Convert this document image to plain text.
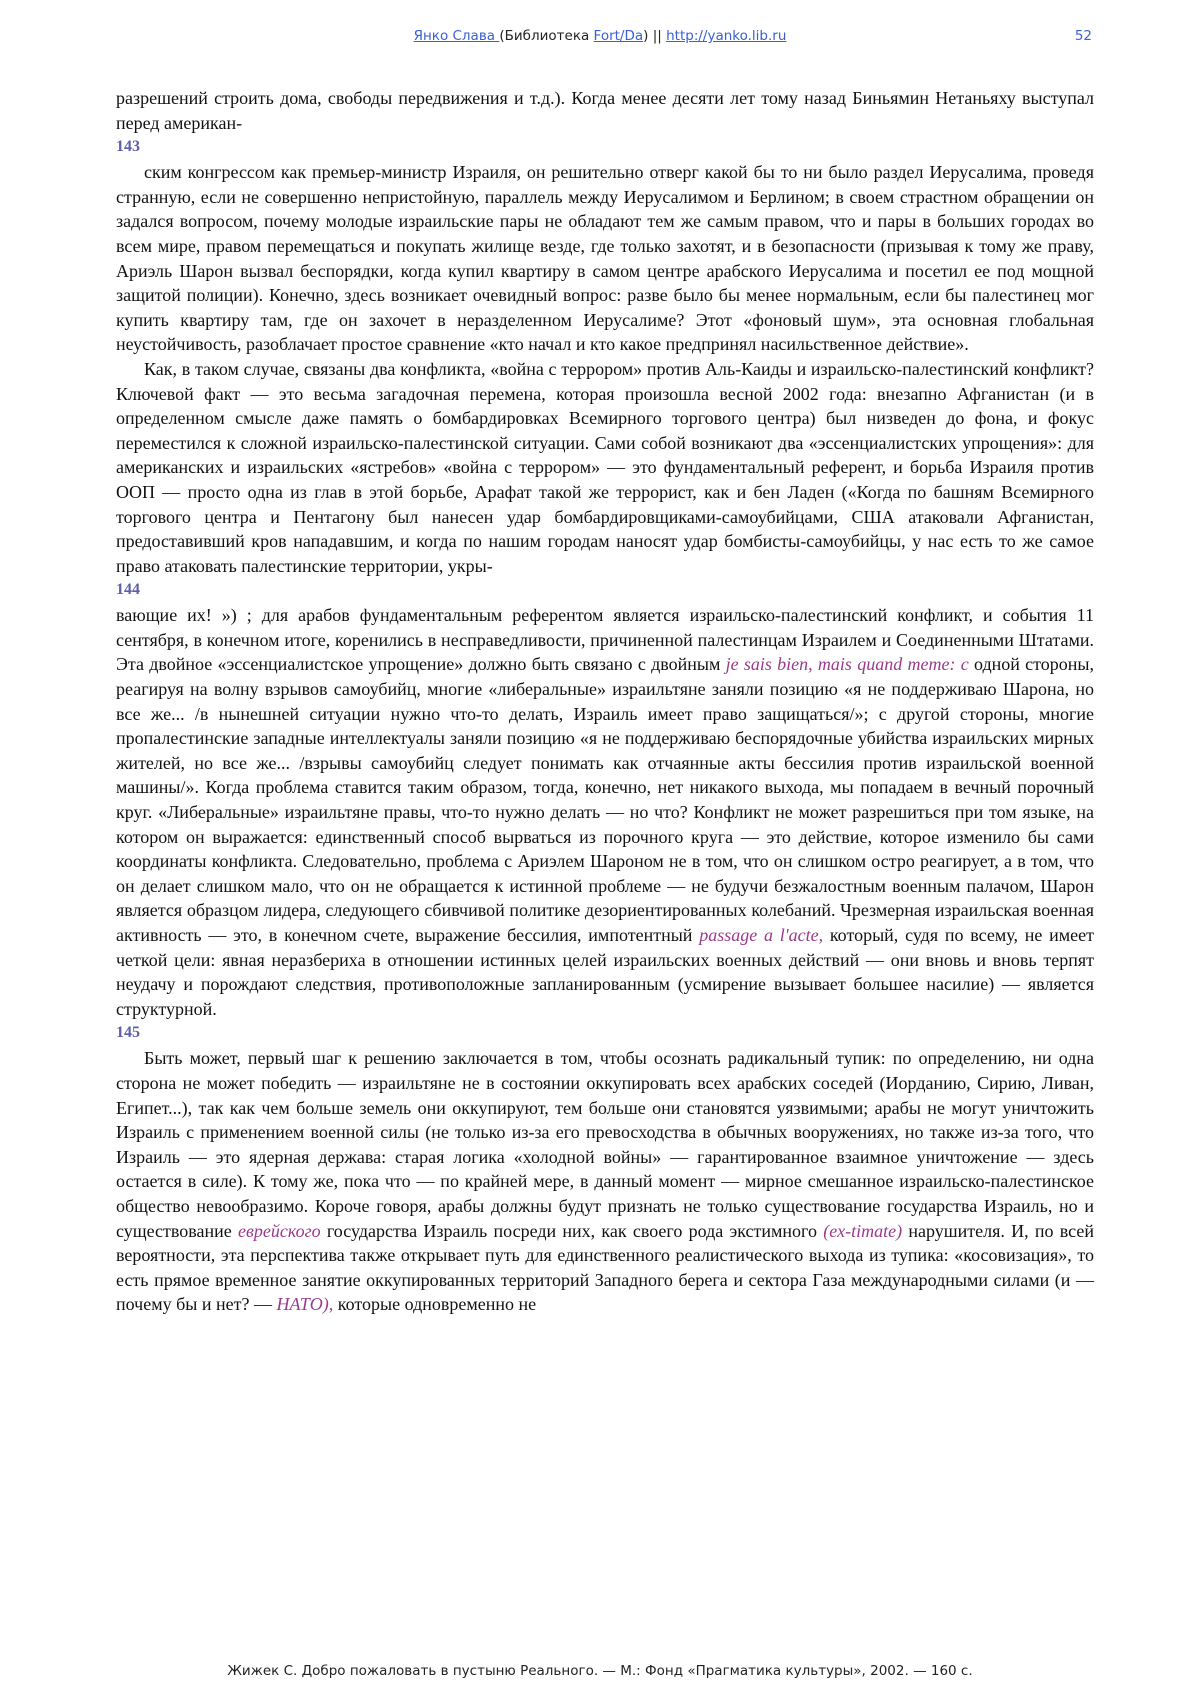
Янко Слава (Библиотека Fort/Da) || http://yanko.lib.ru	52

разрешений строить дома, свободы передвижения и т.д.). Когда менее десяти лет тому назад Биньямин Нетаньяху выступал перед американ-

143

ским конгрессом как премьер-министр Израиля, он решительно отверг какой бы то ни было раздел Иерусалима, проведя странную, если не совершенно непристойную, параллель между Иерусалимом и Берлином; в своем страстном обращении он задался вопросом, почему молодые израильские пары не обладают тем же самым правом, что и пары в больших городах во всем мире, правом перемещаться и покупать жилище везде, где только захотят, и в безопасности (призывая к тому же праву, Ариэль Шарон вызвал беспорядки, когда купил квартиру в самом центре арабского Иерусалима и посетил ее под мощной защитой полиции). Конечно, здесь возникает очевидный вопрос: разве было бы менее нормальным, если бы палестинец мог купить квартиру там, где он захочет в неразделенном Иерусалиме? Этот «фоновый шум», эта основная глобальная неустойчивость, разоблачает простое сравнение «кто начал и кто какое предпринял насильственное действие».

Как, в таком случае, связаны два конфликта, «война с террором» против Аль-Каиды и израильско-палестинский конфликт? Ключевой факт — это весьма загадочная перемена, которая произошла весной 2002 года: внезапно Афганистан (и в определенном смысле даже память о бомбардировках Всемирного торгового центра) был низведен до фона, и фокус переместился к сложной израильско-палестинской ситуации. Сами собой возникают два «эссенциалистских упрощения»: для американских и израильских «ястребов» «война с террором» — это фундаментальный референт, и борьба Израиля против ООП — просто одна из глав в этой борьбе, Арафат такой же террорист, как и бен Ладен («Когда по башням Всемирного торгового центра и Пентагону был нанесен удар бомбардировщиками-самоубийцами, США атаковали Афганистан, предоставивший кров нападавшим, и когда по нашим городам наносят удар бомбисты-самоубийцы, у нас есть то же самое право атаковать палестинские территории, укры-

144

вающие их! ») ; для арабов фундаментальным референтом является израильско-палестинский конфликт, и события 11 сентября, в конечном итоге, коренились в несправедливости, причиненной палестинцам Израилем и Соединенными Штатами. Эта двойное «эссенциалистское упрощение» должно быть связано с двойным je sais bien, mais quand meme: с одной стороны, реагируя на волну взрывов самоубийц, многие «либеральные» израильтяне заняли позицию «я не поддерживаю Шарона, но все же... /в нынешней ситуации нужно что-то делать, Израиль имеет право защищаться/»; с другой стороны, многие пропалестинские западные интеллектуалы заняли позицию «я не поддерживаю беспорядочные убийства израильских мирных жителей, но все же... /взрывы самоубийц следует понимать как отчаянные акты бессилия против израильской военной машины/». Когда проблема ставится таким образом, тогда, конечно, нет никакого выхода, мы попадаем в вечный порочный круг. «Либеральные» израильтяне правы, что-то нужно делать — но что? Конфликт не может разрешиться при том языке, на котором он выражается: единственный способ вырваться из порочного круга — это действие, которое изменило бы сами координаты конфликта. Следовательно, проблема с Ариэлем Шароном не в том, что он слишком остро реагирует, а в том, что он делает слишком мало, что он не обращается к истинной проблеме — не будучи безжалостным военным палачом, Шарон является образцом лидера, следующего сбивчивой политике дезориентированных колебаний. Чрезмерная израильская военная активность — это, в конечном счете, выражение бессилия, импотентный passage a l'acte, который, судя по всему, не имеет четкой цели: явная неразбериха в отношении истинных целей израильских военных действий — они вновь и вновь терпят неудачу и порождают следствия, противоположные запланированным (усмирение вызывает большее насилие) — является структурной.

145

Быть может, первый шаг к решению заключается в том, чтобы осознать радикальный тупик: по определению, ни одна сторона не может победить — израильтяне не в состоянии оккупировать всех арабских соседей (Иорданию, Сирию, Ливан, Египет...), так как чем больше земель они оккупируют, тем больше они становятся уязвимыми; арабы не могут уничтожить Израиль с применением военной силы (не только из-за его превосходства в обычных вооружениях, но также из-за того, что Израиль — это ядерная держава: старая логика «холодной войны» — гарантированное взаимное уничтожение — здесь остается в силе). К тому же, пока что — по крайней мере, в данный момент — мирное смешанное израильско-палестинское общество невообразимо. Короче говоря, арабы должны будут признать не только существование государства Израиль, но и существование еврейского государства Израиль посреди них, как своего рода экстимного (ex-timate) нарушителя. И, по всей вероятности, эта перспектива также открывает путь для единственного реалистического выхода из тупика: «косовизация», то есть прямое временное занятие оккупированных территорий Западного берега и сектора Газа международными силами (и — почему бы и нет? — НАТО), которые одновременно не

Жижек С. Добро пожаловать в пустыню Реального. — М.: Фонд «Прагматика культуры», 2002. — 160 с.
